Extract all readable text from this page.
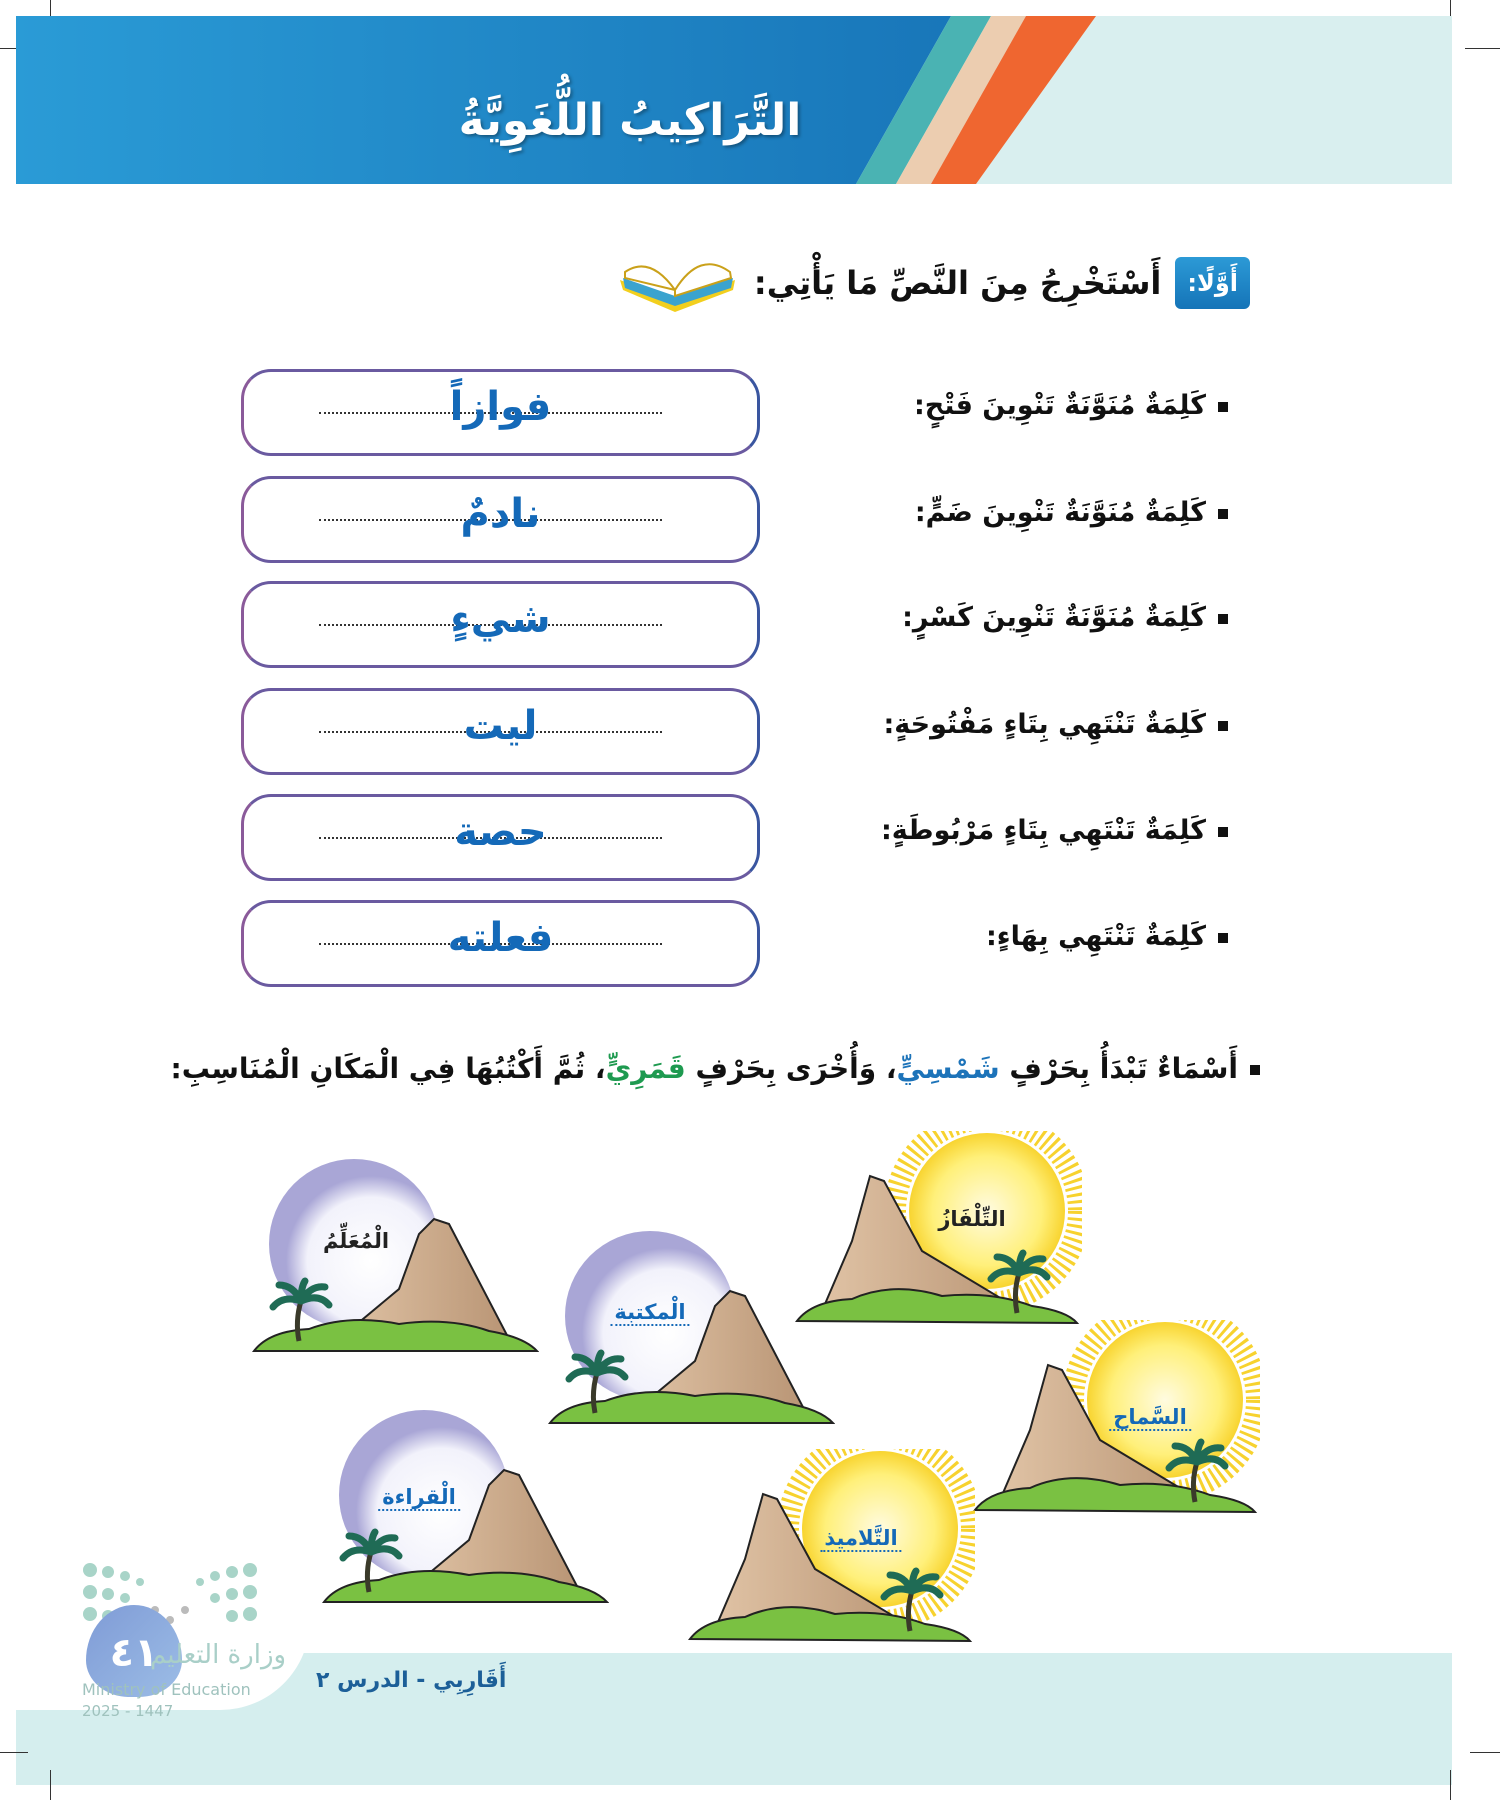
التَّرَاكِيبُ اللُّغَوِيَّةُ
أَوَّلًا:
أَسْتَخْرِجُ مِنَ النَّصِّ مَا يَأْتِي:
كَلِمَةٌ مُنَوَّنَةٌ تَنْوِينَ فَتْحٍ:
فوازاً
كَلِمَةٌ مُنَوَّنَةٌ تَنْوِينَ ضَمٍّ:
نادمٌ
كَلِمَةٌ مُنَوَّنَةٌ تَنْوِينَ كَسْرٍ:
شيءٍ
كَلِمَةٌ تَنْتَهِي بِتَاءٍ مَفْتُوحَةٍ:
ليت
كَلِمَةٌ تَنْتَهِي بِتَاءٍ مَرْبُوطَةٍ:
حصة
كَلِمَةٌ تَنْتَهِي بِهَاءٍ:
فعلته
أَسْمَاءٌ تَبْدَأُ بِحَرْفٍ شَمْسِيٍّ، وَأُخْرَى بِحَرْفٍ قَمَرِيٍّ، ثُمَّ أَكْتُبُهَا فِي الْمَكَانِ الْمُنَاسِبِ:
التِّلْفَازُ
السَّماح
التَّلاميذ
الْمُعَلِّمُ
الْمكتبة
الْقراءة
٤١
وزارة التعليم
Ministry of Education
2025 - 1447
أَقَارِبِي - الدرس ٢
